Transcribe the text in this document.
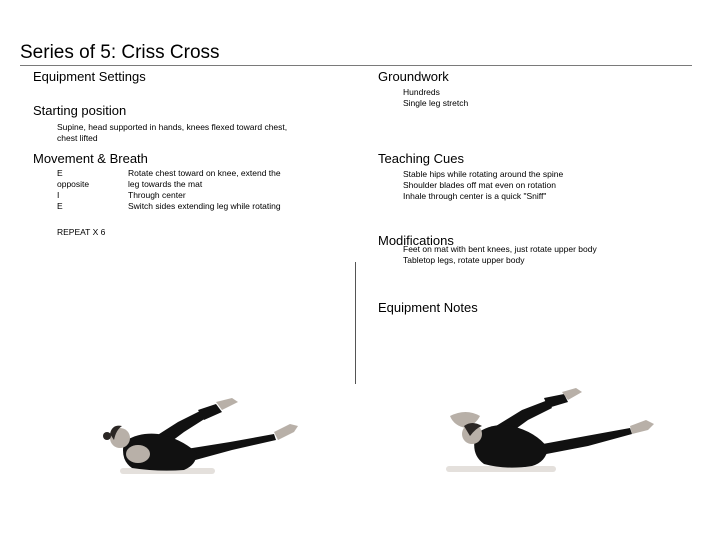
Series of 5: Criss Cross
Equipment Settings
Starting position
Supine, head supported in hands, knees flexed toward chest,
chest lifted
Movement & Breath
E
opposite
I
E
Rotate chest toward on knee, extend the
leg towards the mat
Through center
Switch sides extending leg while rotating
REPEAT X 6
Groundwork
Hundreds
Single leg stretch
Teaching Cues
Stable hips while rotating around the spine
Shoulder blades off mat even on rotation
Inhale through center is a quick "Sniff"
Modifications
Feet on mat with bent knees, just rotate upper body
Tabletop legs, rotate upper body
Equipment Notes
